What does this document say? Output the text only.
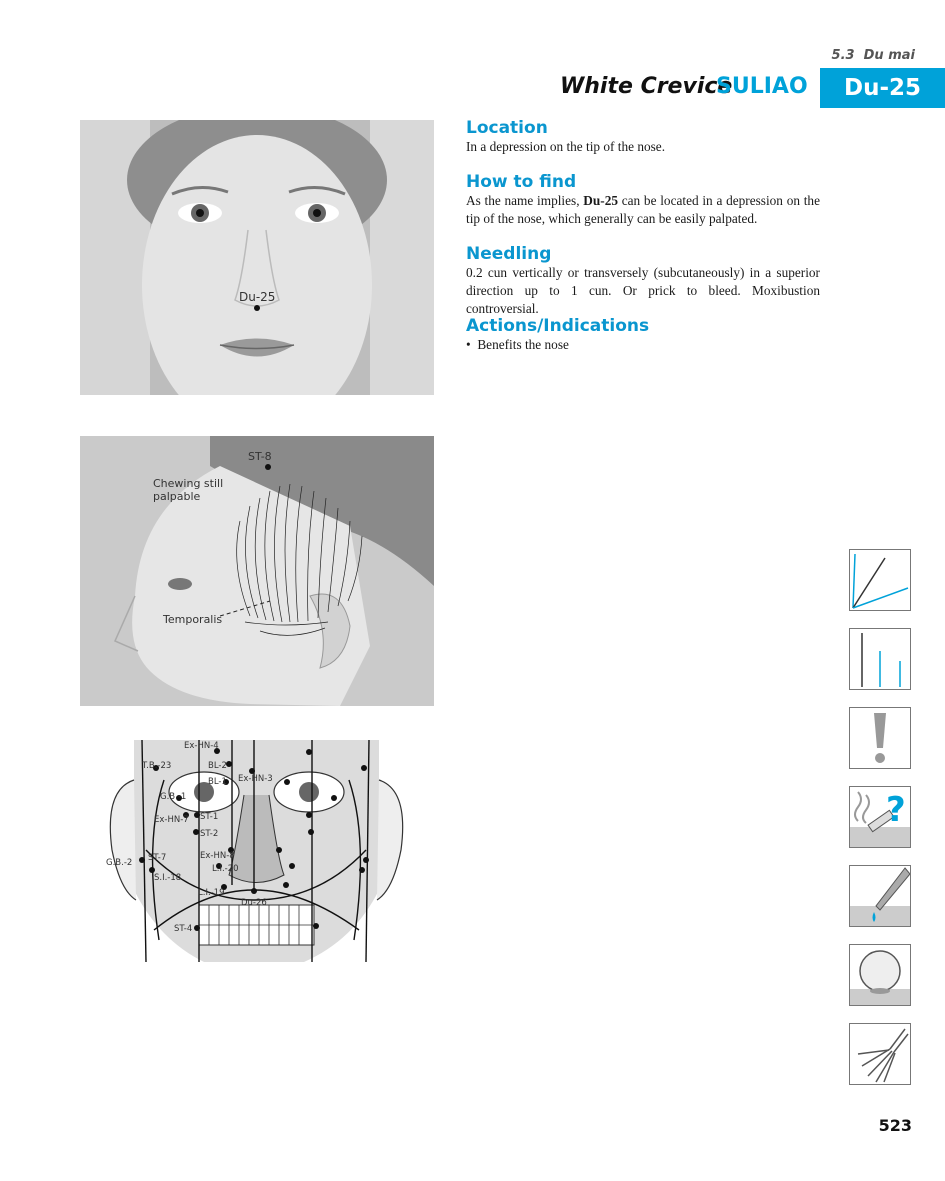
5.3 Du mai
White Crevice
SULIAO	Du-25
Du-25
ST-8
Chewing still
palpable
Temporalis
Ex-HN-4
BL-2
T.B.-23
BL-1 Ex-HN-3
G.B.-1
Ex-HN-7 ST-1
ST-2
ST-7	Ex-HN-8
G.B.-2
L.I.-20
S.I.-18
L.I.-19
Du-26
ST-4
Location
In a depression on the tip of the nose.
How to find
As the name implies, Du-25 can be located in a depression on the tip of the nose, which generally can be easily palpated.
Needling
0.2 cun vertically or transversely (subcutaneously) in a superior direction up to 1 cun. Or prick to bleed. Moxibustion controversial.
Actions/Indications
•  Benefits the nose
?
523
